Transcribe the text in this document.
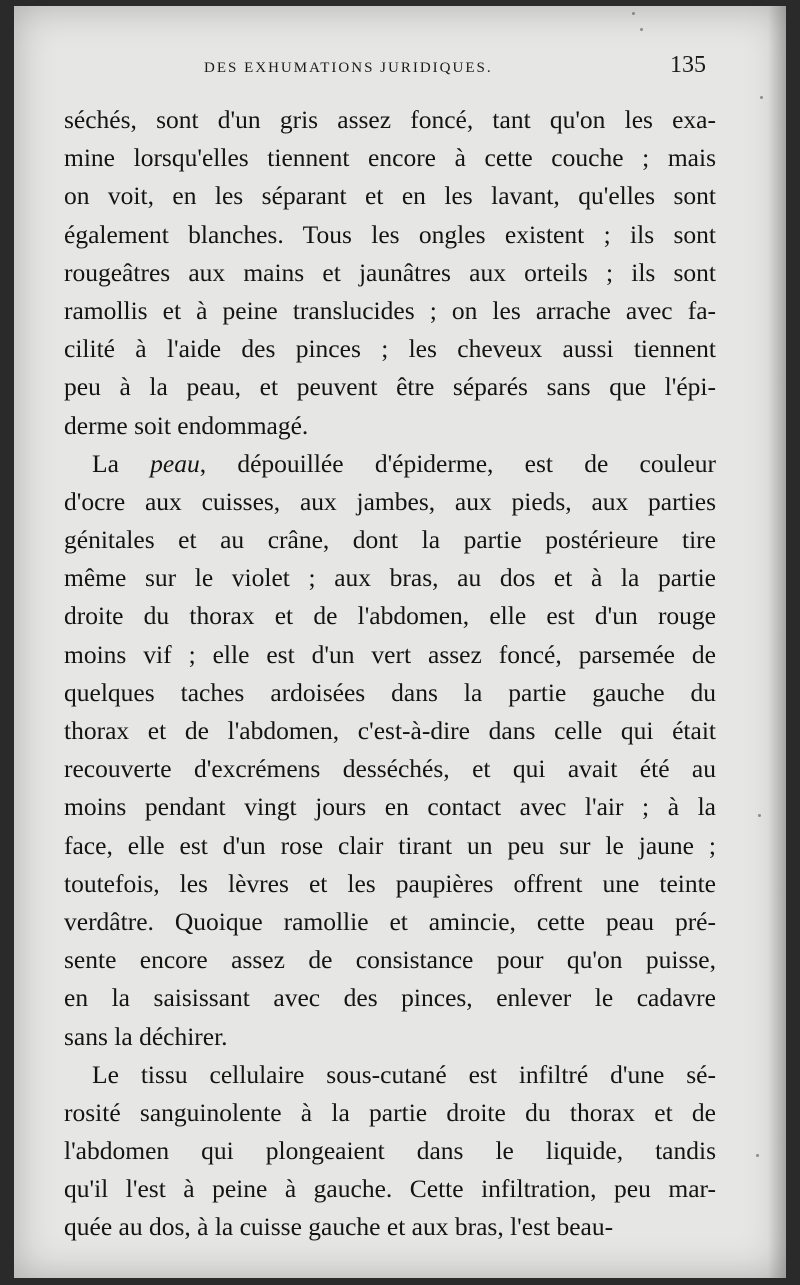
DES EXHUMATIONS JURIDIQUES.	135
séchés, sont d'un gris assez foncé, tant qu'on les exa-
mine lorsqu'elles tiennent encore à cette couche ; mais
on voit, en les séparant et en les lavant, qu'elles sont
également blanches. Tous les ongles existent ; ils sont
rougeâtres aux mains et jaunâtres aux orteils ; ils sont
ramollis et à peine translucides ; on les arrache avec fa-
cilité à l'aide des pinces ; les cheveux aussi tiennent
peu à la peau, et peuvent être séparés sans que l'épi-
derme soit endommagé.
La peau, dépouillée d'épiderme, est de couleur
d'ocre aux cuisses, aux jambes, aux pieds, aux parties
génitales et au crâne, dont la partie postérieure tire
même sur le violet ; aux bras, au dos et à la partie
droite du thorax et de l'abdomen, elle est d'un rouge
moins vif ; elle est d'un vert assez foncé, parsemée de
quelques taches ardoisées dans la partie gauche du
thorax et de l'abdomen, c'est-à-dire dans celle qui était
recouverte d'excrémens desséchés, et qui avait été au
moins pendant vingt jours en contact avec l'air ; à la
face, elle est d'un rose clair tirant un peu sur le jaune ;
toutefois, les lèvres et les paupières offrent une teinte
verdâtre. Quoique ramollie et amincie, cette peau pré-
sente encore assez de consistance pour qu'on puisse,
en la saisissant avec des pinces, enlever le cadavre
sans la déchirer.
Le tissu cellulaire sous-cutané est infiltré d'une sé-
rosité sanguinolente à la partie droite du thorax et de
l'abdomen qui plongeaient dans le liquide, tandis
qu'il l'est à peine à gauche. Cette infiltration, peu mar-
quée au dos, à la cuisse gauche et aux bras, l'est beau-
